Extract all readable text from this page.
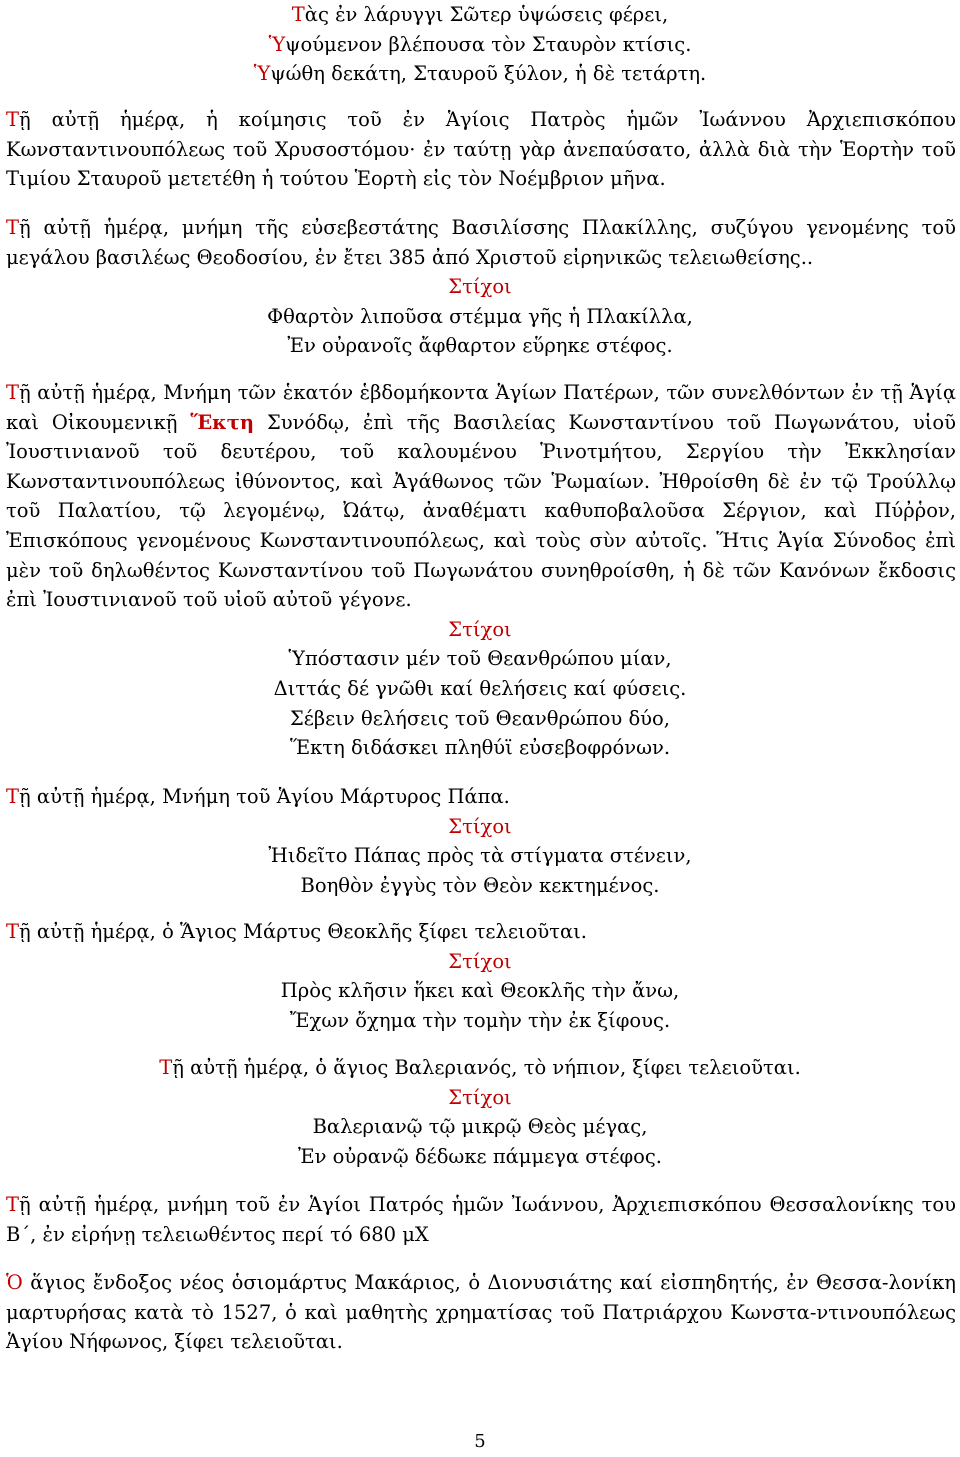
Τὰς ἐν λάρυγγι Σῶτερ ὑψώσεις φέρει,

Ὑψούμενον βλέπουσα τὸν Σταυρὸν κτίσις.

Ὑψώθη δεκάτη, Σταυροῦ ξύλον, ἡ δὲ τετάρτη.

Τῇ αὐτῇ ἡμέρᾳ, ἡ κοίμησις τοῦ ἐν Ἁγίοις Πατρὸς ἡμῶν Ἰωάννου Ἀρχιεπισκόπου Κωνσταντινουπόλεως τοῦ Χρυσοστόμου· ἐν ταύτῃ γὰρ ἀνεπαύσατο, ἀλλὰ διὰ τὴν Ἑορτὴν τοῦ Τιμίου Σταυροῦ μετετέθη ἡ τούτου Ἑορτὴ εἰς τὸν Νοέμβριον μῆνα.

Τῇ αὐτῇ ἡμέρᾳ, μνήμη τῆς εὐσεβεστάτης Βασιλίσσης Πλακίλλης, συζύγου γενομένης τοῦ μεγάλου βασιλέως Θεοδοσίου, ἐν ἔτει 385 ἀπό Χριστοῦ εἰρηνικῶς τελειωθείσης..

Στίχοι

Φθαρτὸν λιποῦσα στέμμα γῆς ἡ Πλακίλλα,

Ἐν οὐρανοῖς ἄφθαρτον εὕρηκε στέφος.

Τῇ αὐτῇ ἡμέρᾳ, Μνήμη τῶν ἑκατόν ἑβδομήκοντα Ἁγίων Πατέρων, τῶν συνελθόντων ἐν τῇ Ἁγίᾳ καὶ Οἰκουμενικῇ Ἕκτη Συνόδῳ, ἐπὶ τῆς Βασιλείας Κωνσταντίνου τοῦ Πωγωνάτου, υἱοῦ Ἰουστινιανοῦ τοῦ δευτέρου, τοῦ καλουμένου Ῥινοτμήτου, Σεργίου τὴν Ἐκκλησίαν Κωνσταντινουπόλεως ἰθύνοντος, καὶ Ἀγάθωνος τῶν Ῥωμαίων. Ἠθροίσθη δὲ ἐν τῷ Τρούλλῳ τοῦ Παλατίου, τῷ λεγομένῳ, Ὠάτῳ, ἀναθέματι καθυποβαλοῦσα Σέργιον, καὶ Πύῤῥον, Ἐπισκόπους γενομένους Κωνσταντινουπόλεως, καὶ τοὺς σὺν αὐτοῖς. Ἥτις Ἁγία Σύνοδος ἐπὶ μὲν τοῦ δηλωθέντος Κωνσταντίνου τοῦ Πωγωνάτου συνηθροίσθη, ἡ δὲ τῶν Κανόνων ἔκδοσις ἐπὶ Ἰουστινιανοῦ τοῦ υἱοῦ αὐτοῦ γέγονε.

Στίχοι

Ὑπόστασιν μέν τοῦ Θεανθρώπου μίαν,

Διττάς δέ γνῶθι καί θελήσεις καί φύσεις.

Σέβειν θελήσεις τοῦ Θεανθρώπου δύο,

Ἕκτη διδάσκει πληθύϊ εὐσεβοφρόνων.

Τῇ αὐτῇ ἡμέρᾳ, Μνήμη τοῦ Ἁγίου Μάρτυρος Πάπα.

Στίχοι

Ἠιδεῖτο Πάπας πρὸς τὰ στίγματα στένειν,

Βοηθὸν ἐγγὺς τὸν Θεὸν κεκτημένος.

Τῇ αὐτῇ ἡμέρᾳ, ὁ Ἅγιος Μάρτυς Θεοκλῆς ξίφει τελειοῦται.

Στίχοι

Πρὸς κλῆσιν ἥκει καὶ Θεοκλῆς τὴν ἄνω,

Ἔχων ὄχημα τὴν τομὴν τὴν ἐκ ξίφους.

Τῇ αὐτῇ ἡμέρᾳ, ὁ ἅγιος Βαλεριανός, τὸ νήπιον, ξίφει τελειοῦται.

Στίχοι

Βαλεριανῷ τῷ μικρῷ Θεὸς μέγας,

Ἐν οὐρανῷ δέδωκε πάμμεγα στέφος.

Τῇ αὐτῇ ἡμέρᾳ, μνήμη τοῦ ἐν Ἁγίοι Πατρός ἡμῶν Ἰωάννου, Ἀρχιεπισκόπου Θεσσαλονίκης του Β΄, ἐν εἰρήνῃ τελειωθέντος περί τό 680 μΧ

Ὁ ἅγιος ἔνδοξος νέος ὁσιομάρτυς Μακάριος, ὁ Διονυσιάτης καί εἰσπηδητής, ἐν Θεσσα-λονίκη μαρτυρήσας κατὰ τὸ 1527, ὁ καὶ μαθητὴς χρηματίσας τοῦ Πατριάρχου Κωνστα-ντινουπόλεως Ἁγίου Νήφωνος, ξίφει τελειοῦται.

5
